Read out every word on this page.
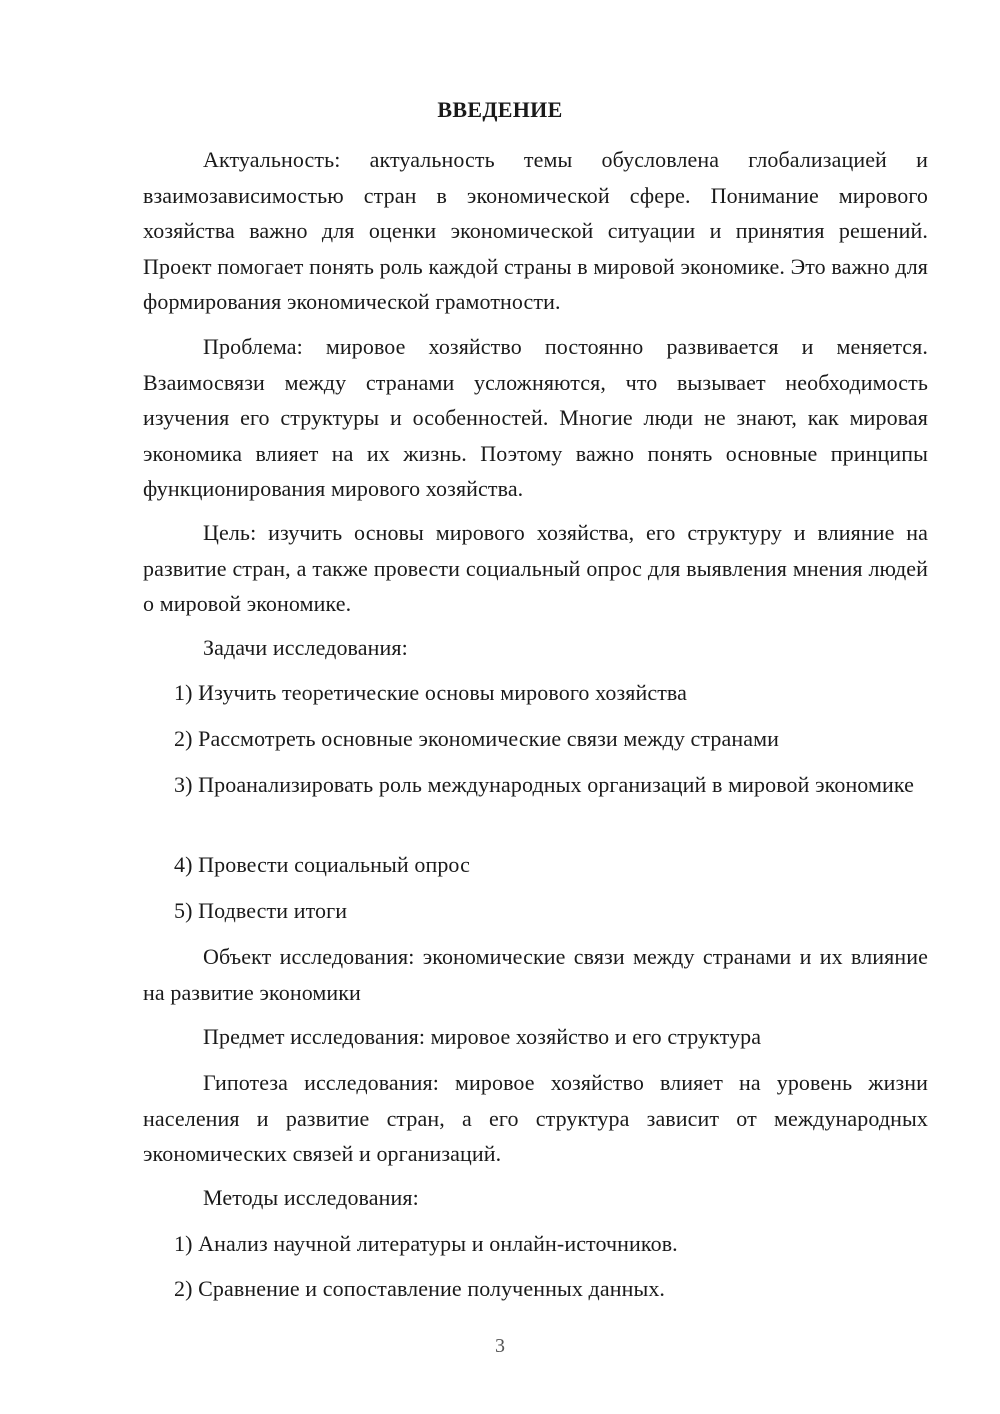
ВВЕДЕНИЕ

Актуальность: актуальность темы обусловлена глобализацией и взаимозависимостью стран в экономической сфере. Понимание мирового хозяйства важно для оценки экономической ситуации и принятия решений. Проект помогает понять роль каждой страны в мировой экономике. Это важно для формирования экономической грамотности.

Проблема: мировое хозяйство постоянно развивается и меняется. Взаимосвязи между странами усложняются, что вызывает необходимость изучения его структуры и особенностей. Многие люди не знают, как мировая экономика влияет на их жизнь. Поэтому важно понять основные принципы функционирования мирового хозяйства.

Цель: изучить основы мирового хозяйства, его структуру и влияние на развитие стран, а также провести социальный опрос для выявления мнения людей о мировой экономике.

Задачи исследования:
1) Изучить теоретические основы мирового хозяйства
2) Рассмотреть основные экономические связи между странами

3) Проанализировать роль международных организаций в мировой экономике

4) Провести социальный опрос
5) Подвести итоги

Объект исследования: экономические связи между странами и их влияние на развитие экономики

Предмет исследования: мировое хозяйство и его структура

Гипотеза исследования: мировое хозяйство влияет на уровень жизни населения и развитие стран, а его структура зависит от международных экономических связей и организаций.

Методы исследования:
1) Анализ научной литературы и онлайн-источников.
2) Сравнение и сопоставление полученных данных.
3
